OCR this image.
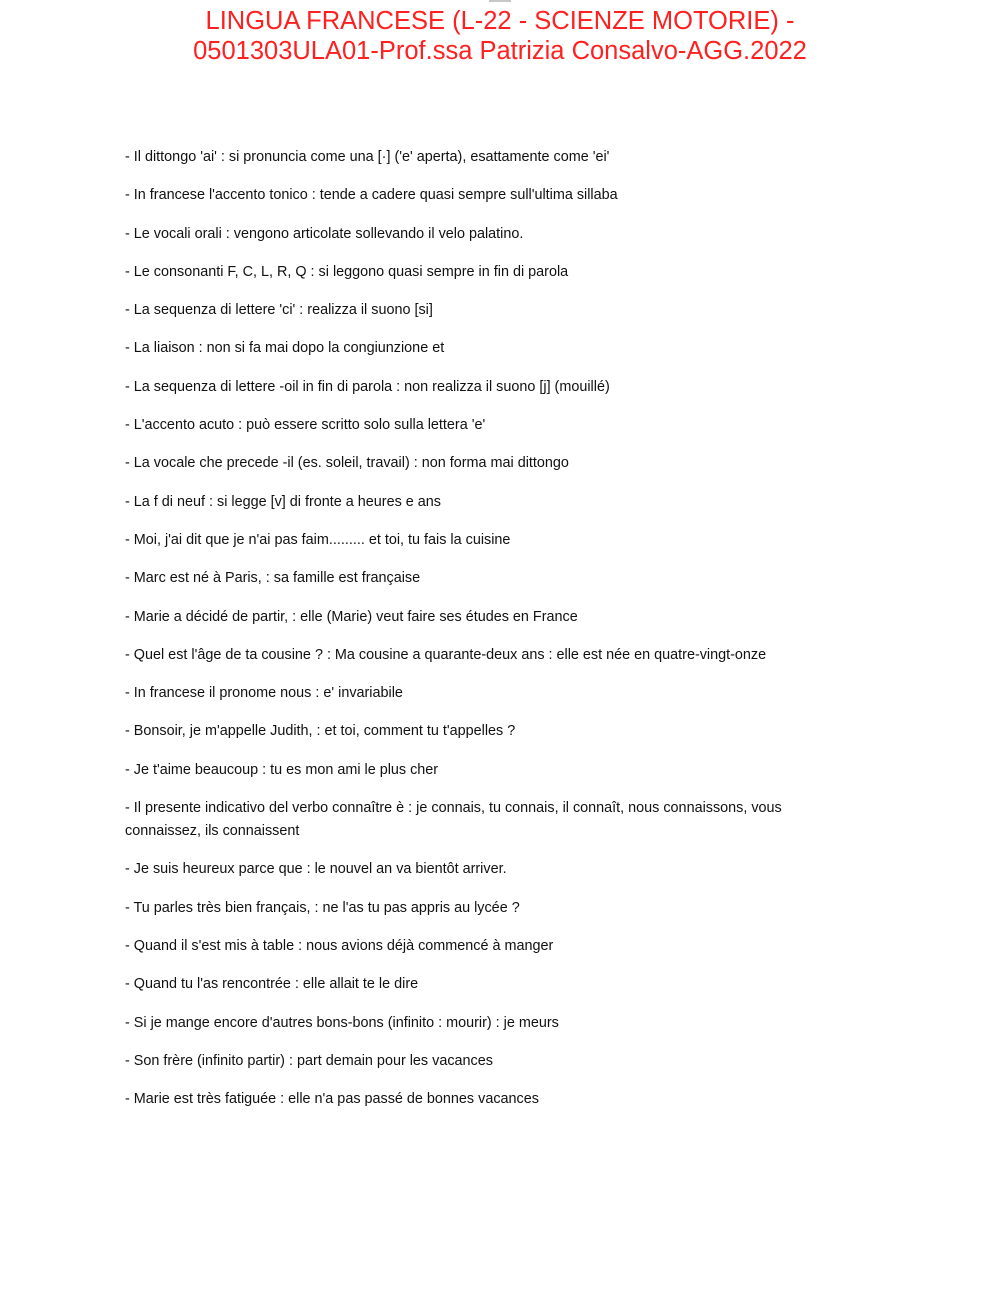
LINGUA FRANCESE (L-22 - SCIENZE MOTORIE) -
0501303ULA01-Prof.ssa Patrizia Consalvo-AGG.2022
- Il dittongo 'ai' : si pronuncia come una [·] ('e' aperta), esattamente come 'ei'
- In francese l'accento tonico : tende a cadere quasi sempre sull'ultima sillaba
- Le vocali orali : vengono articolate sollevando il velo palatino.
- Le consonanti F, C, L, R, Q : si leggono quasi sempre in fin di parola
- La sequenza di lettere 'ci' : realizza il suono [si]
- La liaison : non si fa mai dopo la congiunzione et
- La sequenza di lettere -oil in fin di parola : non realizza il suono [j] (mouillé)
- L'accento acuto : può essere scritto solo sulla lettera 'e'
- La vocale che precede -il (es. soleil, travail) : non forma mai dittongo
- La f di neuf : si legge [v] di fronte a heures e ans
- Moi, j'ai dit que je n'ai pas faim......... et toi, tu fais la cuisine
- Marc est né à Paris, : sa famille est française
- Marie a décidé de partir, : elle (Marie) veut faire ses études en France
- Quel est l'âge de ta cousine ? : Ma cousine a quarante-deux ans : elle est née en quatre-vingt-onze
- In francese il pronome nous : e' invariabile
- Bonsoir, je m'appelle Judith, : et toi, comment tu t'appelles ?
- Je t'aime beaucoup : tu es mon ami le plus cher
- Il presente indicativo del verbo connaître è : je connais, tu connais, il connaît, nous connaissons, vous connaissez, ils connaissent
- Je suis heureux parce que : le nouvel an va bientôt arriver.
- Tu parles très bien français, : ne l'as tu pas appris au lycée ?
- Quand il s'est mis à table : nous avions déjà commencé à manger
- Quand tu l'as rencontrée : elle allait te le dire
- Si je mange encore d'autres bons-bons (infinito : mourir) : je meurs
- Son frère (infinito partir) : part demain pour les vacances
- Marie est très fatiguée : elle n'a pas passé de bonnes vacances
